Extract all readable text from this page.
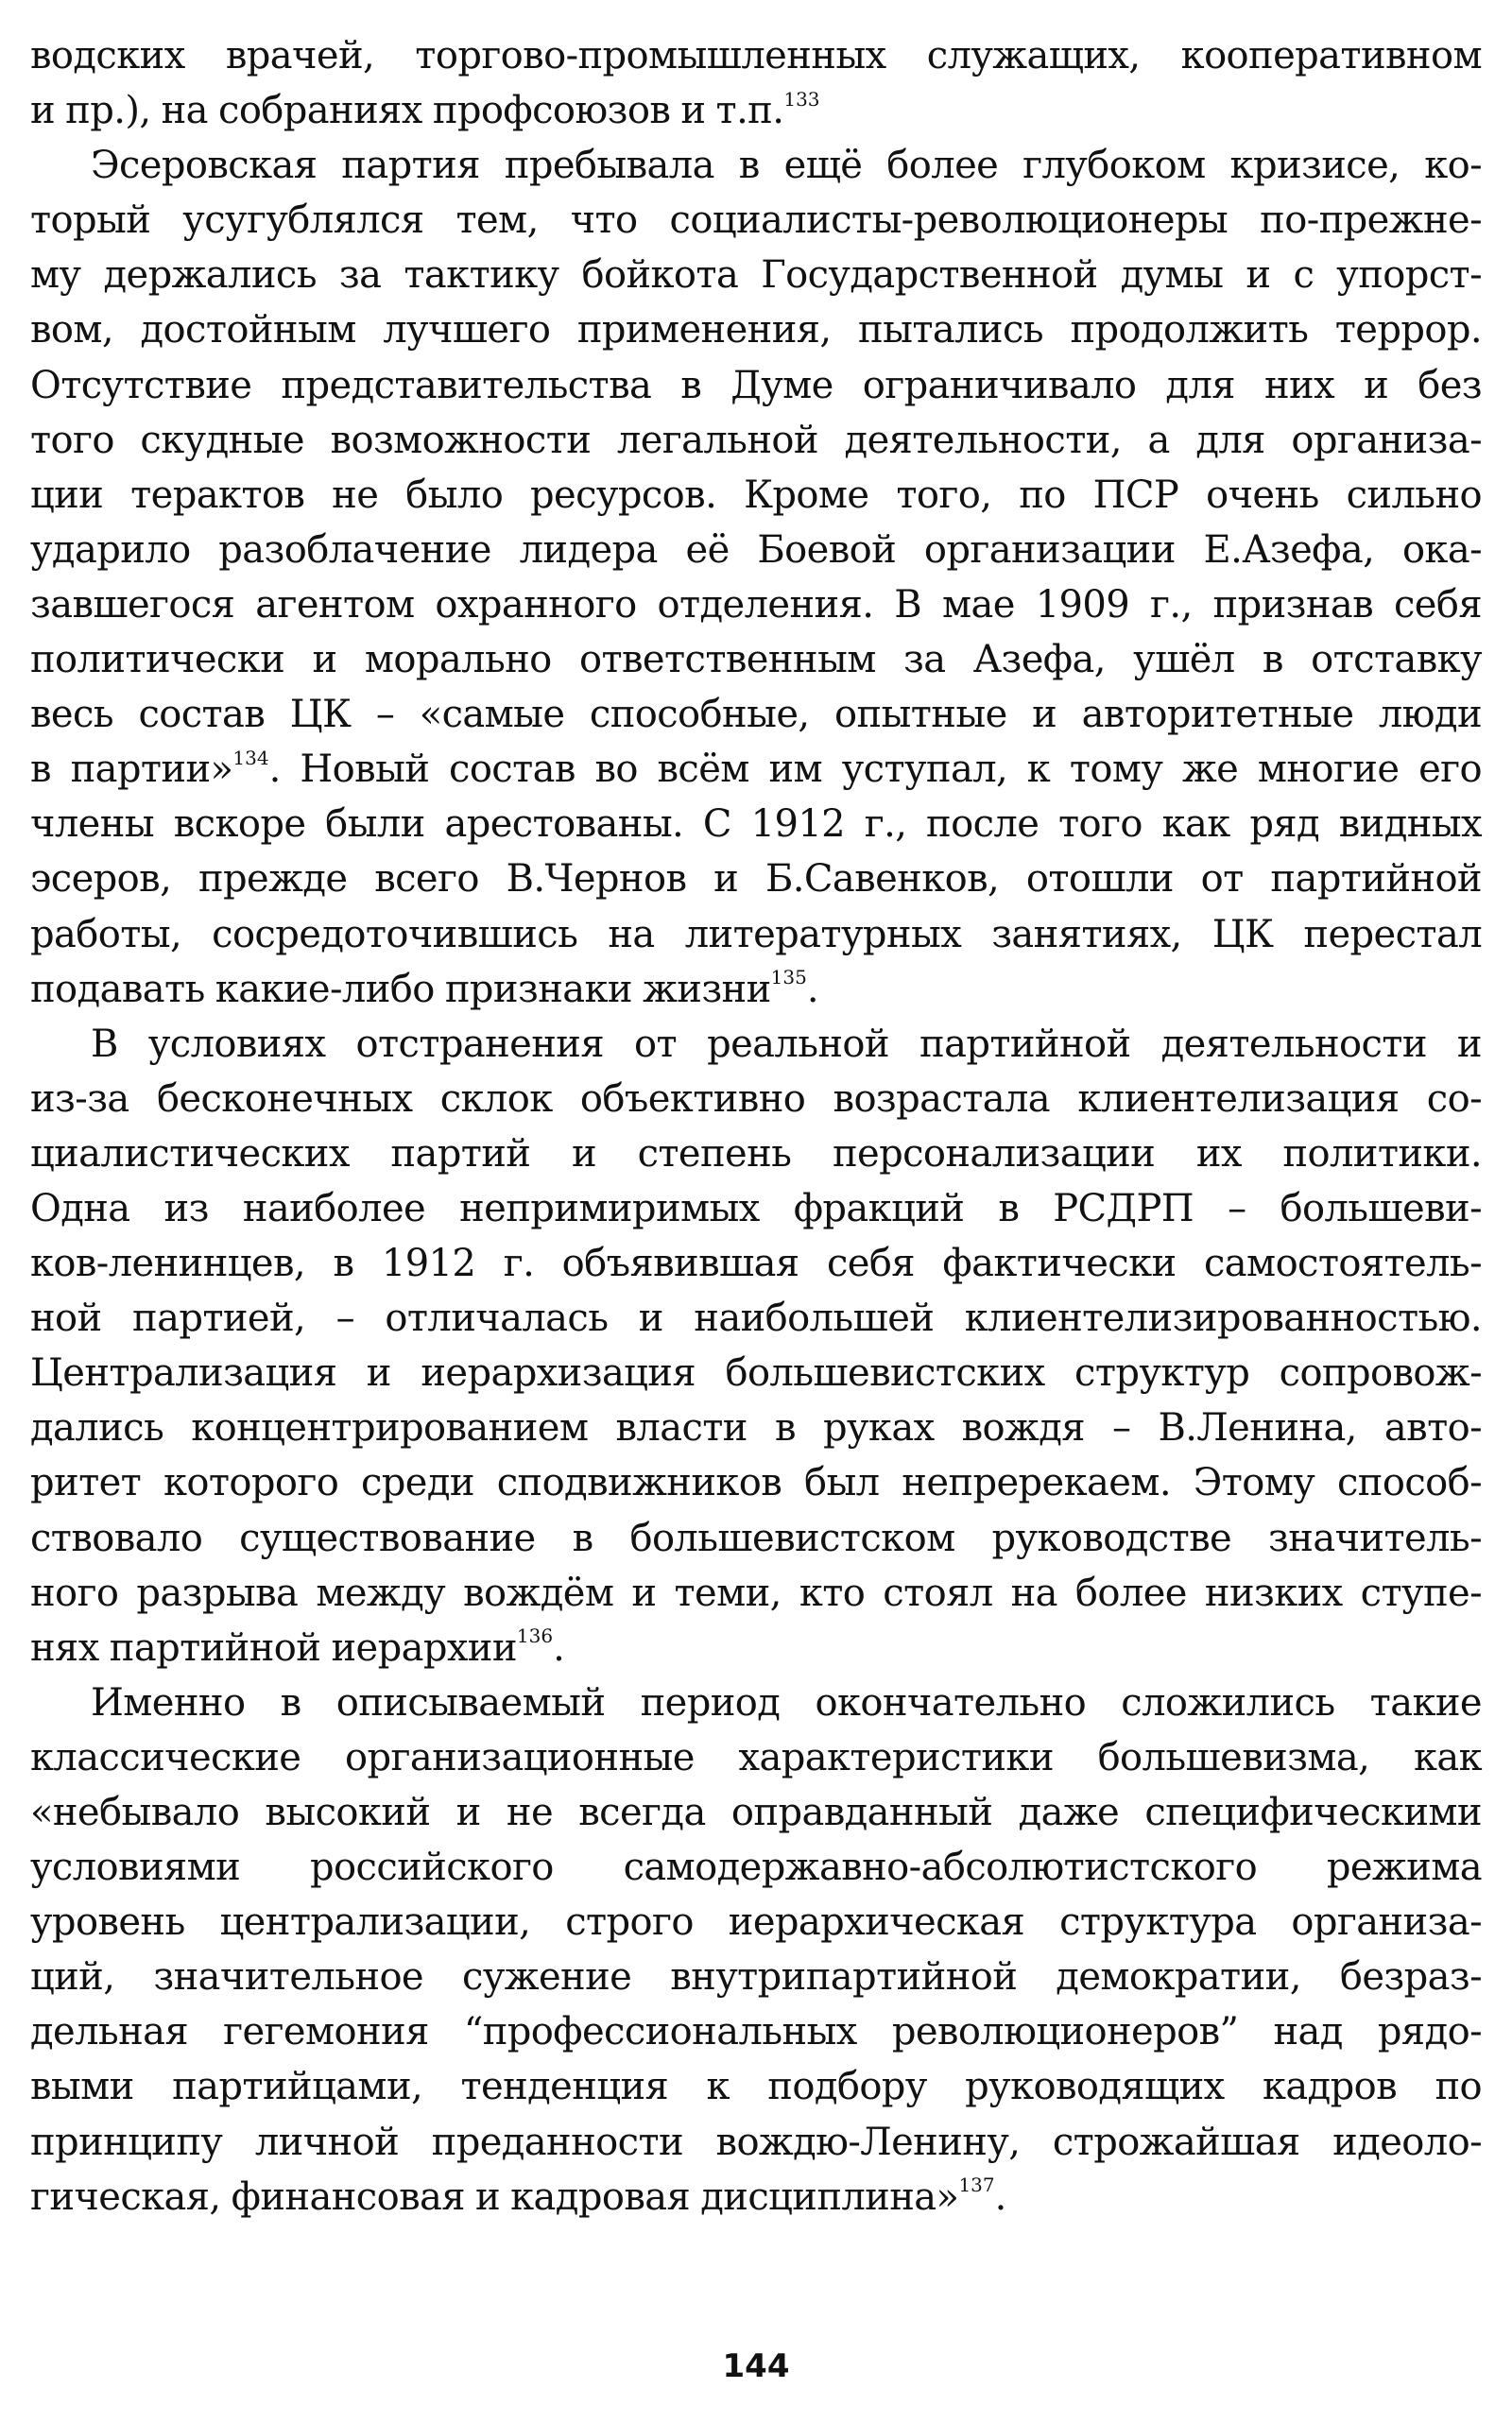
водских врачей, торгово-промышленных служащих, кооперативном
и пр.), на собраниях профсоюзов и т.п.$^{133}$
Эсеровская партия пребывала в ещё более глубоком кризисе, ко-
торый усугублялся тем, что социалисты-революционеры по-прежне-
му держались за тактику бойкота Государственной думы и с упорст-
вом, достойным лучшего применения, пытались продолжить террор.
Отсутствие представительства в Думе ограничивало для них и без
того скудные возможности легальной деятельности, а для организа-
ции терактов не было ресурсов. Кроме того, по ПСР очень сильно
ударило разоблачение лидера её Боевой организации Е.Азефа, ока-
завшегося агентом охранного отделения. В мае 1909 г., признав себя
политически и морально ответственным за Азефа, ушёл в отставку
весь состав ЦК – «самые способные, опытные и авторитетные люди
в партии»$^{134}$. Новый состав во всём им уступал, к тому же многие его
члены вскоре были арестованы. С 1912 г., после того как ряд видных
эсеров, прежде всего В.Чернов и Б.Савенков, отошли от партийной
работы, сосредоточившись на литературных занятиях, ЦК перестал
подавать какие-либо признаки жизни$^{135}$.
В условиях отстранения от реальной партийной деятельности и
из-за бесконечных склок объективно возрастала клиентелизация со-
циалистических партий и степень персонализации их политики.
Одна из наиболее непримиримых фракций в РСДРП – большеви-
ков-ленинцев, в 1912 г. объявившая себя фактически самостоятель-
ной партией, – отличалась и наибольшей клиентелизированностью.
Централизация и иерархизация большевистских структур сопровож-
дались концентрированием власти в руках вождя – В.Ленина, авто-
ритет которого среди сподвижников был непререкаем. Этому способ-
ствовало существование в большевистском руководстве значитель-
ного разрыва между вождём и теми, кто стоял на более низких ступе-
нях партийной иерархии$^{136}$.
Именно в описываемый период окончательно сложились такие
классические организационные характеристики большевизма, как
«небывало высокий и не всегда оправданный даже специфическими
условиями российского самодержавно-абсолютистского режима
уровень централизации, строго иерархическая структура организа-
ций, значительное сужение внутрипартийной демократии, безраз-
дельная гегемония “профессиональных революционеров” над рядо-
выми партийцами, тенденция к подбору руководящих кадров по
принципу личной преданности вождю-Ленину, строжайшая идеоло-
гическая, финансовая и кадровая дисциплина»$^{137}$.
144
